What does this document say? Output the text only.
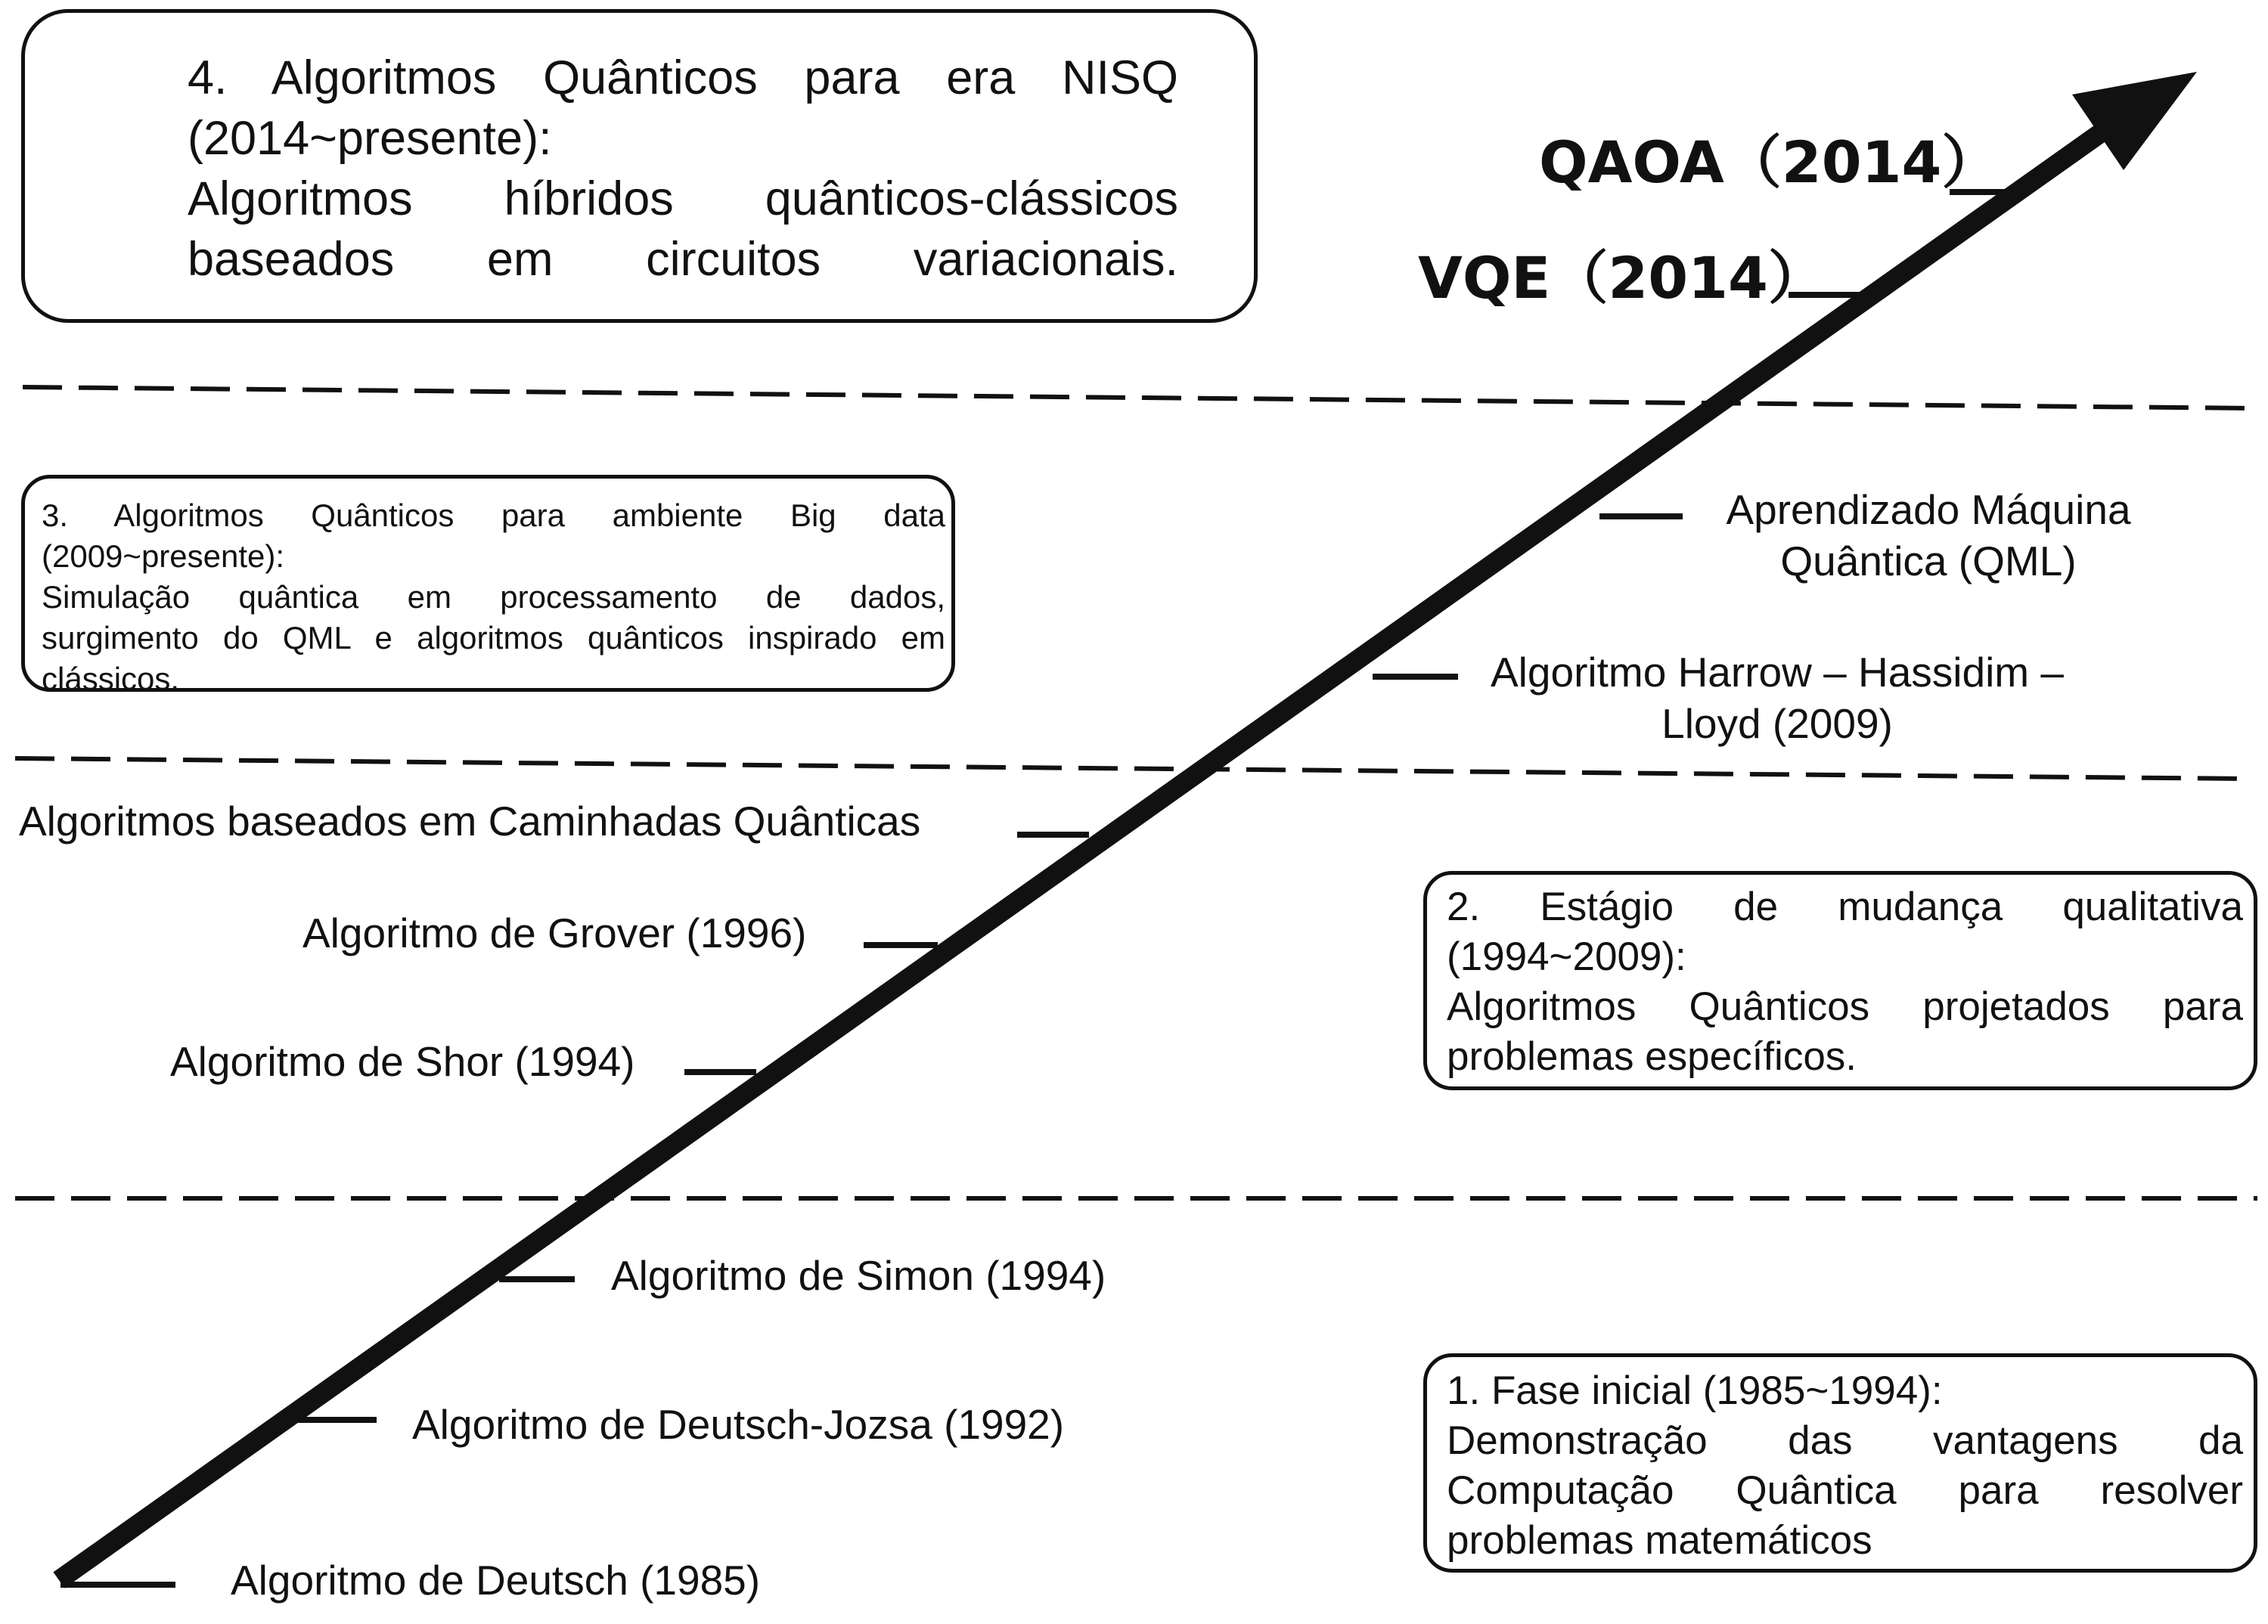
4. Algoritmos Quânticos para era NISQ

(2014~presente):

Algoritmos híbridos quânticos-clássicos

baseados em circuitos variacionais.

3. Algoritmos Quânticos para ambiente Big data

(2009~presente):

Simulação quântica em processamento de dados,

surgimento do QML e algoritmos quânticos inspirado em

clássicos.

2. Estágio de mudança qualitativa

(1994~2009):

Algoritmos Quânticos projetados para

problemas específicos.

1. Fase inicial (1985~1994):

Demonstração das vantagens da

Computação Quântica para resolver

problemas matemáticos

QAOA（2014）
VQE（2014）
Aprendizado Máquina
Quântica (QML)
Algoritmo Harrow – Hassidim –
Lloyd (2009)
Algoritmos baseados em Caminhadas Quânticas
Algoritmo de Grover (1996)
Algoritmo de Shor (1994)
Algoritmo de Simon (1994)
Algoritmo de Deutsch-Jozsa (1992)
Algoritmo de Deutsch (1985)
